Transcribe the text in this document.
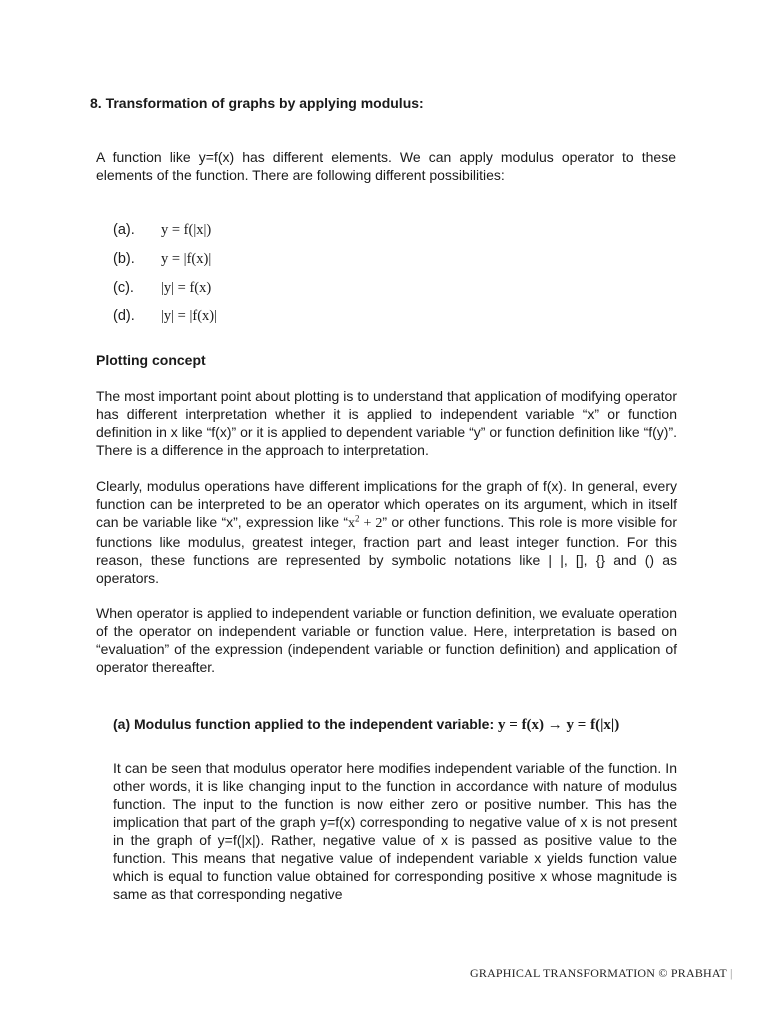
8. Transformation of graphs by applying modulus:
A function like y=f(x) has different elements. We can apply modulus operator to these elements of the function. There are following different possibilities:
(a). y = f(|x|)
(b). y = |f(x)|
(c). |y| = f(x)
(d). |y| = |f(x)|
Plotting concept
The most important point about plotting is to understand that application of modifying operator has different interpretation whether it is applied to independent variable “x” or function definition in x like “f(x)” or it is applied to dependent variable “y” or function definition like “f(y)”. There is a difference in the approach to interpretation.
Clearly, modulus operations have different implications for the graph of f(x). In general, every function can be interpreted to be an operator which operates on its argument, which in itself can be variable like “x”, expression like “$x^2 + 2$” or other functions. This role is more visible for functions like modulus, greatest integer, fraction part and least integer function. For this reason, these functions are represented by symbolic notations like | |, [], {} and () as operators.
When operator is applied to independent variable or function definition, we evaluate operation of the operator on independent variable or function value. Here, interpretation is based on “evaluation” of the expression (independent variable or function definition) and application of operator thereafter.
(a) Modulus function applied to the independent variable: y = f(x) → y = f(|x|)
It can be seen that modulus operator here modifies independent variable of the function. In other words, it is like changing input to the function in accordance with nature of modulus function. The input to the function is now either zero or positive number. This has the implication that part of the graph y=f(x) corresponding to negative value of x is not present in the graph of y=f(|x|). Rather, negative value of x is passed as positive value to the function. This means that negative value of independent variable x yields function value which is equal to function value obtained for corresponding positive x whose magnitude is same as that corresponding negative
GRAPHICAL TRANSFORMATION © PRABHAT |
